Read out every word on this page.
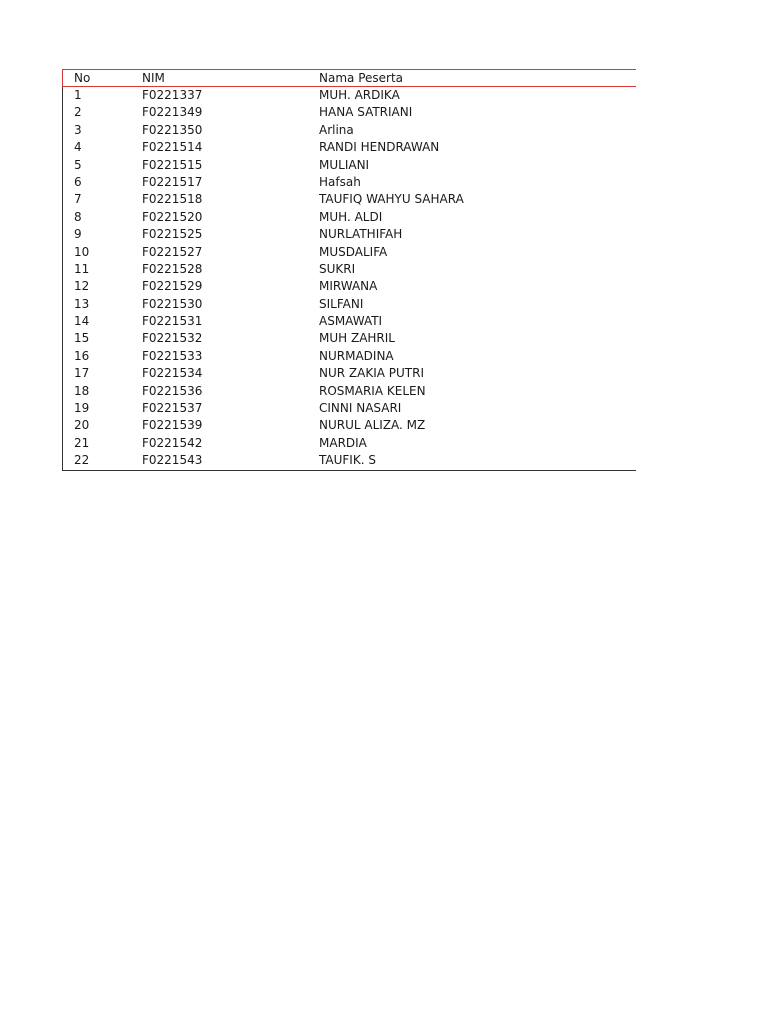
No	NIM	Nama Peserta
1	F0221337	MUH. ARDIKA
2	F0221349	HANA SATRIANI
3	F0221350	Arlina
4	F0221514	RANDI HENDRAWAN
5	F0221515	MULIANI
6	F0221517	Hafsah
7	F0221518	TAUFIQ WAHYU SAHARA
8	F0221520	MUH. ALDI
9	F0221525	NURLATHIFAH
10	F0221527	MUSDALIFA
11	F0221528	SUKRI
12	F0221529	MIRWANA
13	F0221530	SILFANI
14	F0221531	ASMAWATI
15	F0221532	MUH ZAHRIL
16	F0221533	NURMADINA
17	F0221534	NUR ZAKIA PUTRI
18	F0221536	ROSMARIA KELEN
19	F0221537	CINNI NASARI
20	F0221539	NURUL ALIZA. MZ
21	F0221542	MARDIA
22	F0221543	TAUFIK. S
